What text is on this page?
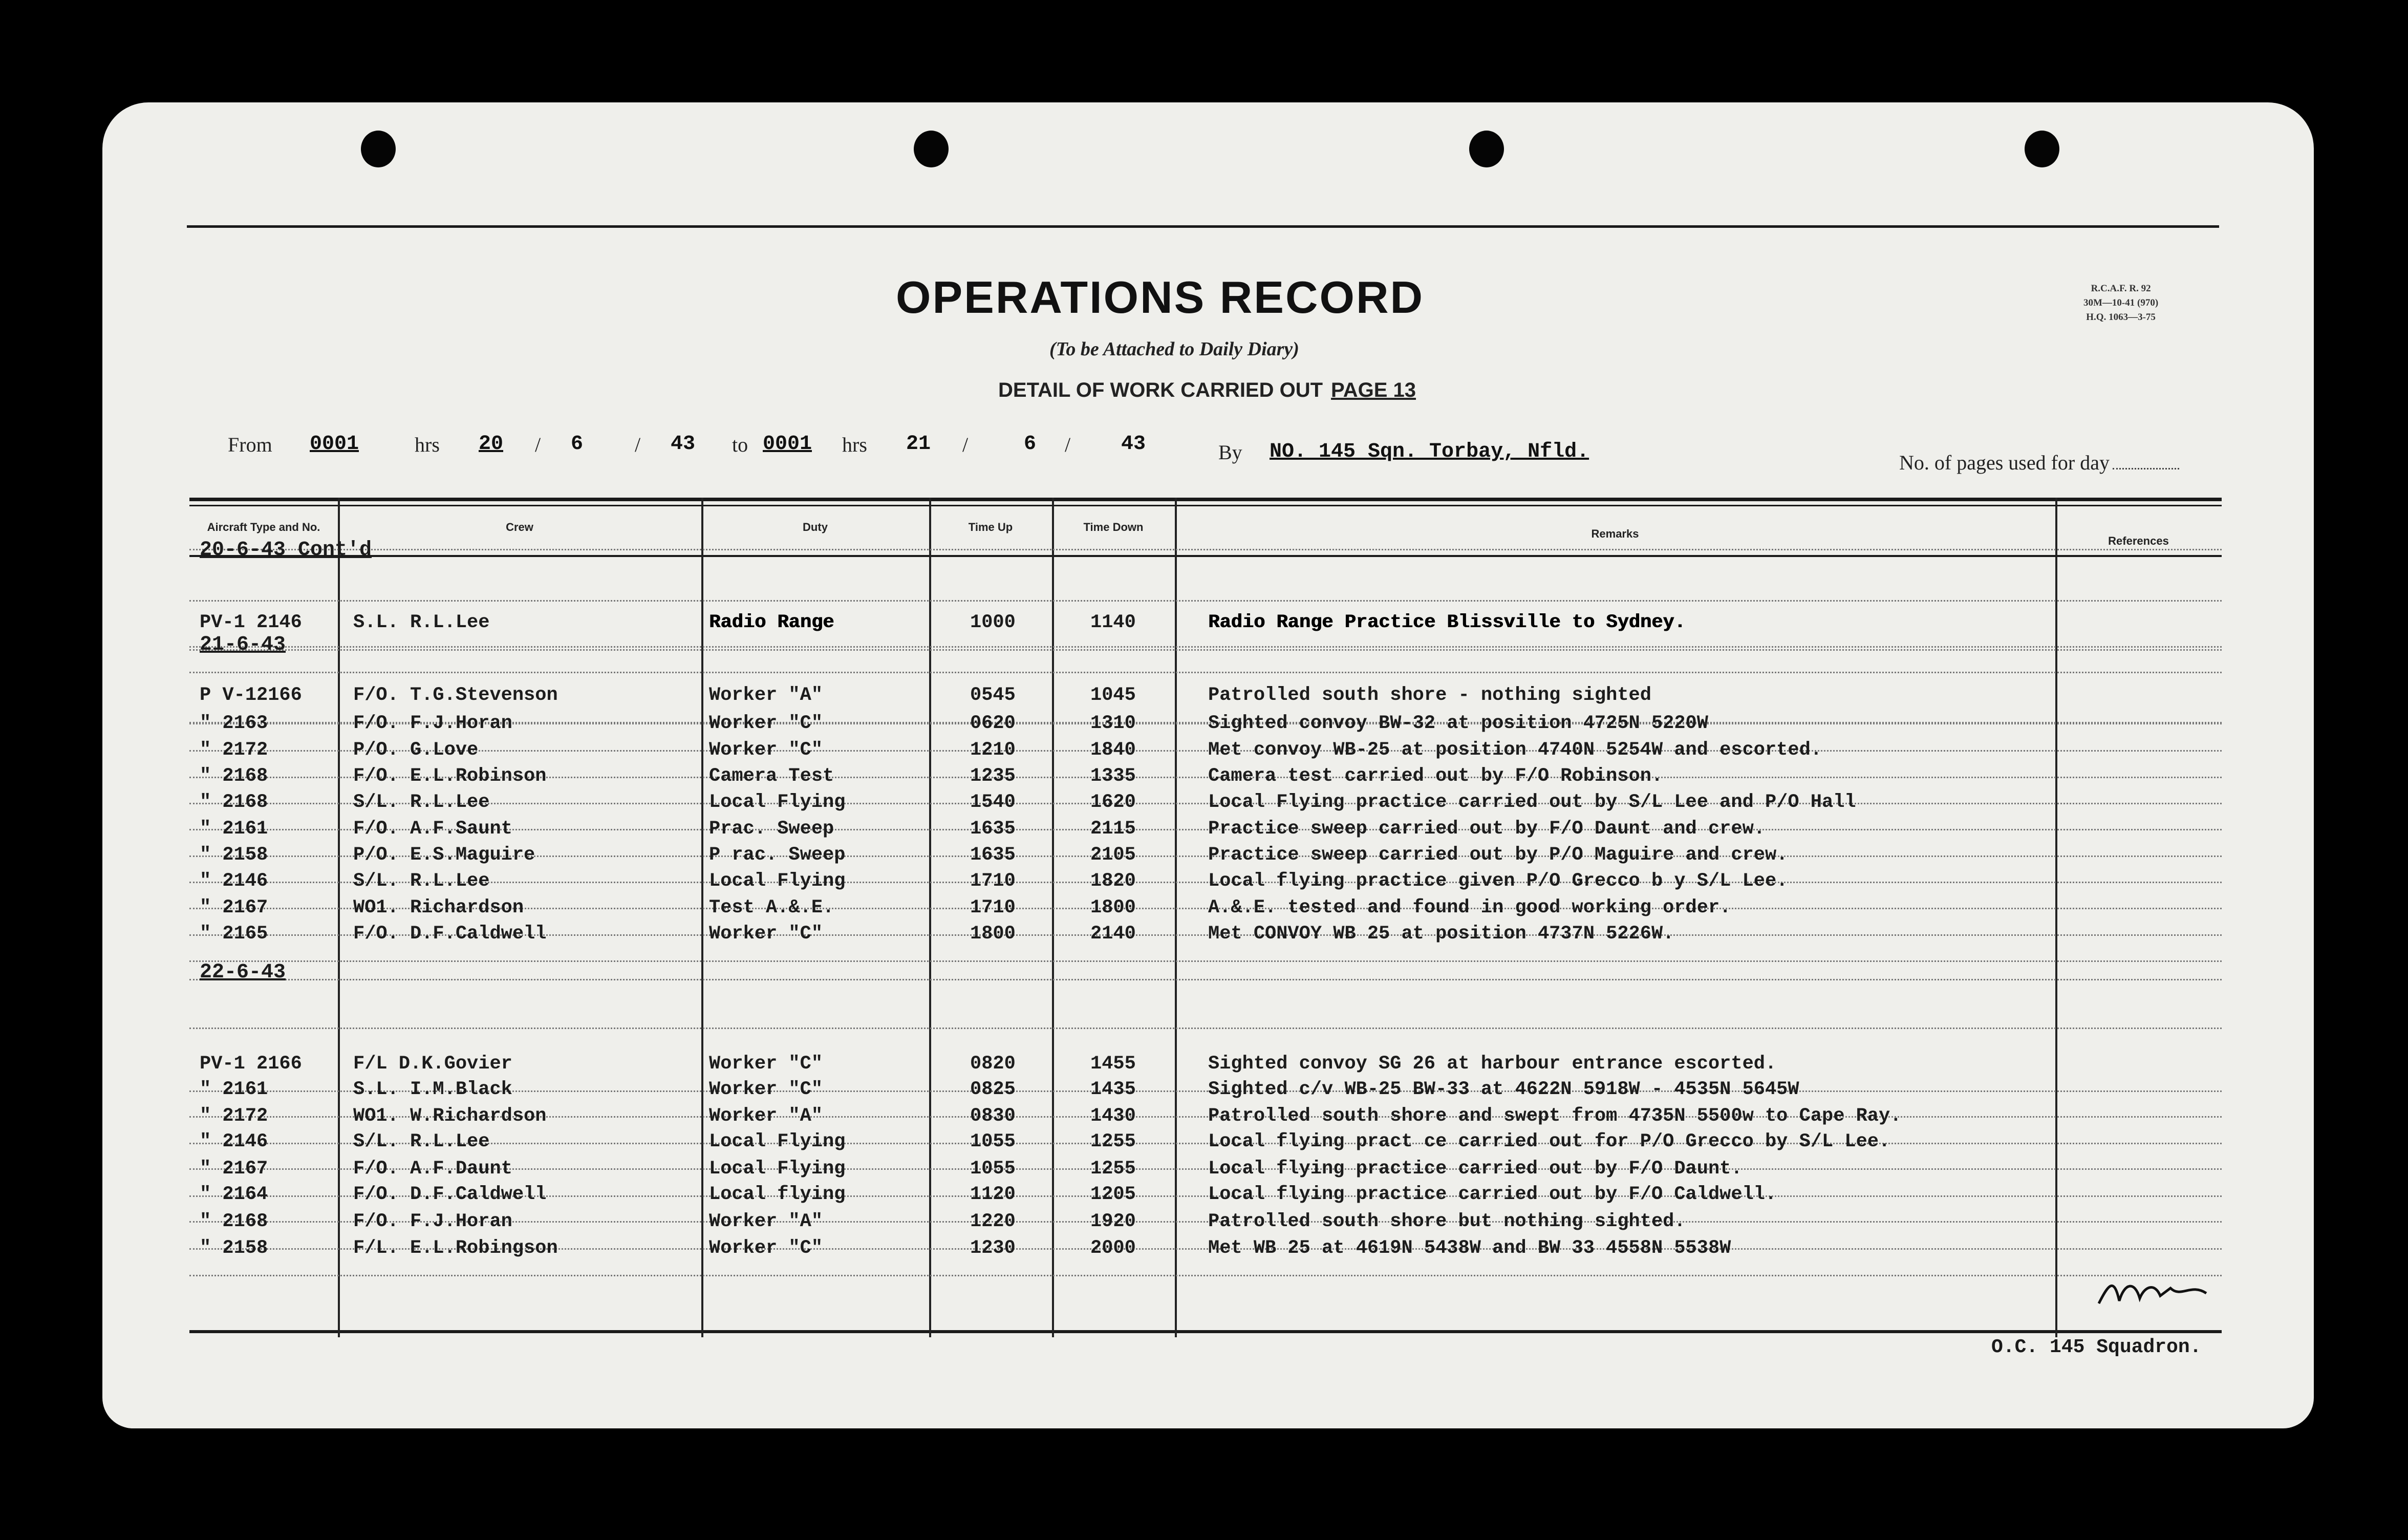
OPERATIONS RECORD
(To be Attached to Daily Diary)
DETAIL OF WORK CARRIED OUT PAGE 13
R.C.A.F. R. 92
30M—10-41 (970)
H.Q. 1063—3-75
From 0001	hrs 20 / 6	/ 43 to 0001 hrs 21 /	6 / 43	By NO. 145 Sqn. Torbay, Nfld.	No. of pages used for day
Aircraft Type and No.	Crew	Duty	Time Up	Time Down
Remarks
References
20-6-43 Cont'd
21-6-43
22-6-43
PV-1 2146	S.L. R.L.Lee	Radio Range	1000	1140	Radio Range Practice Blissville to Sydney.
P V-12166	F/O. T.G.Stevenson	Worker "A"	0545	1045	Patrolled south shore - nothing sighted
" 2163	F/O. F.J.Horan	Worker "C"	0620	1310	Sighted convoy BW-32 at position 4725N 5220W
" 2172	P/O. G.Love	Worker "C"	1210	1840	Met convoy WB-25 at position 4740N 5254W and escorted.
" 2168	F/O. E.L.Robinson	Camera Test	1235	1335	Camera test carried out by F/O Robinson.
" 2168	S/L. R.L.Lee	Local Flying	1540	1620	Local Flying practice carried out by S/L Lee and P/O Hall
" 2161	F/O. A.F.Saunt	Prac. Sweep	1635	2115	Practice sweep carried out by F/O Daunt and crew.
" 2158	P/O. E.S.Maguire	P rac. Sweep	1635	2105	Practice sweep carried out by P/O Maguire and crew.
" 2146	S/L. R.L.Lee	Local Flying	1710	1820	Local flying practice given P/O Grecco b y S/L Lee.
" 2167	WO1. Richardson	Test A.&.E.	1710	1800	A.&.E. tested and found in good working order.
" 2165	F/O. D.F.Caldwell	Worker "C"	1800	2140	Met CONVOY WB 25 at position 4737N 5226W.
PV-1 2166	F/L D.K.Govier	Worker "C"	0820	1455	Sighted convoy SG 26 at harbour entrance escorted.
" 2161	S.L. I.M.Black	Worker "C"	0825	1435	Sighted c/v WB-25 BW-33 at 4622N 5918W - 4535N 5645W
" 2172	WO1. W.Richardson	Worker "A"	0830	1430	Patrolled south shore and swept from 4735N 5500w to Cape Ray.
" 2146	S/L. R.L.Lee	Local Flying	1055	1255	Local flying pract ce carried out for P/O Grecco by S/L Lee.
" 2167	F/O. A.F.Daunt	Local Flying	1055	1255	Local flying practice carried out by F/O Daunt.
" 2164	F/O. D.F.Caldwell	Local flying	1120	1205	Local flying practice carried out by F/O Caldwell.
" 2168	F/O. F.J.Horan	Worker "A"	1220	1920	Patrolled south shore but nothing sighted.
" 2158	F/L. E.L.Robingson	Worker "C"	1230	2000	Met WB 25 at 4619N 5438W and BW 33 4558N 5538W
O.C. 145 Squadron.
